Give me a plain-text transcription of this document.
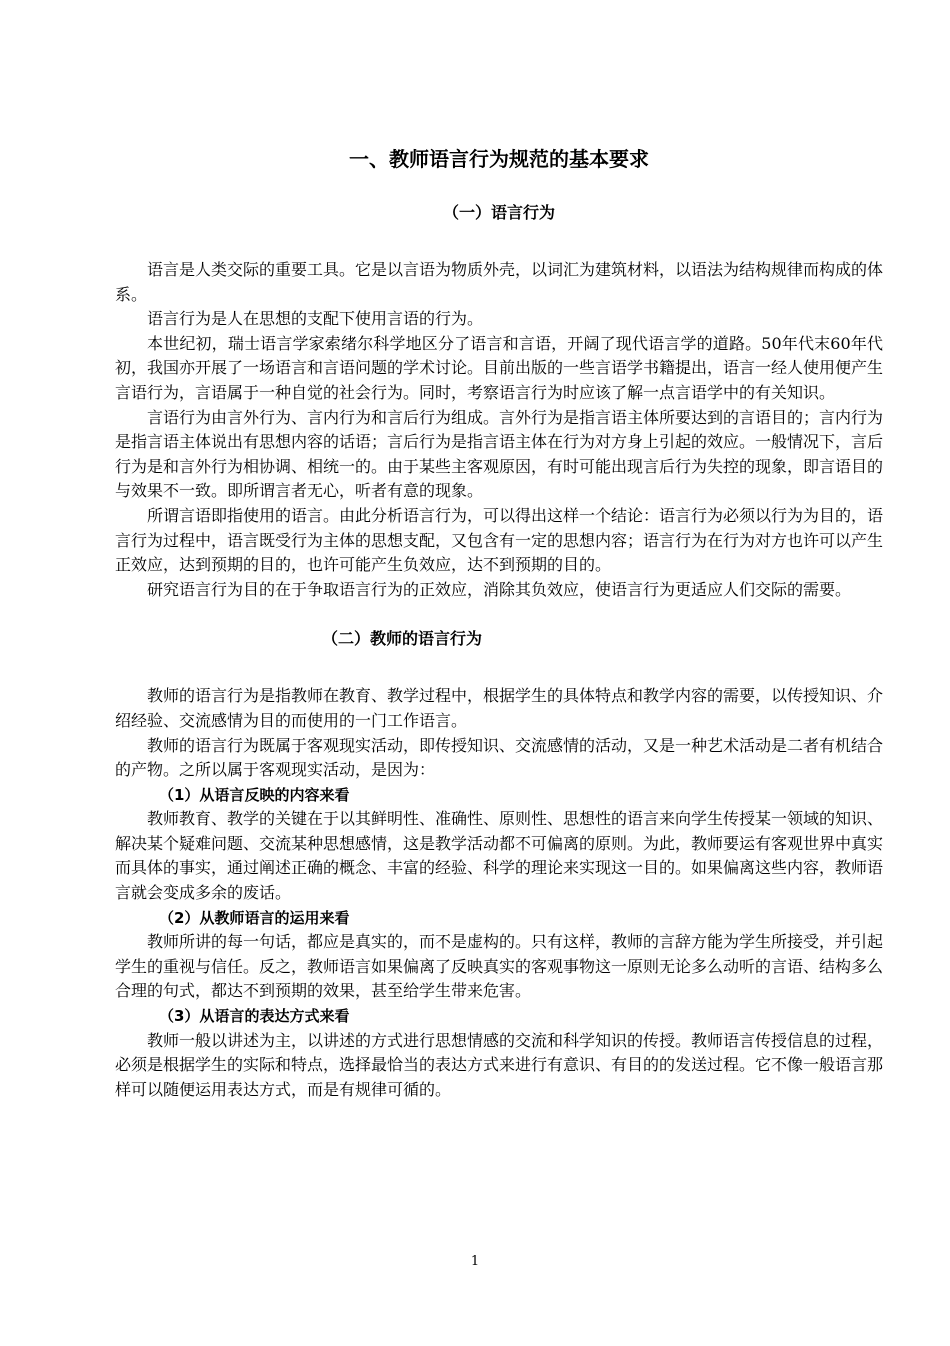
一、教师语言行为规范的基本要求
（一）语言行为

语言是人类交际的重要工具。它是以言语为物质外壳，以词汇为建筑材料，以语法为结构规律而构成的体系。

语言行为是人在思想的支配下使用言语的行为。

本世纪初，瑞士语言学家索绪尔科学地区分了语言和言语，开阔了现代语言学的道路。50年代末60年代初，我国亦开展了一场语言和言语问题的学术讨论。目前出版的一些言语学书籍提出，语言一经人使用便产生言语行为，言语属于一种自觉的社会行为。同时，考察语言行为时应该了解一点言语学中的有关知识。

言语行为由言外行为、言内行为和言后行为组成。言外行为是指言语主体所要达到的言语目的；言内行为是指言语主体说出有思想内容的话语；言后行为是指言语主体在行为对方身上引起的效应。一般情况下，言后行为是和言外行为相协调、相统一的。由于某些主客观原因，有时可能出现言后行为失控的现象，即言语目的与效果不一致。即所谓言者无心，听者有意的现象。

所谓言语即指使用的语言。由此分析语言行为，可以得出这样一个结论：语言行为必须以行为为目的，语言行为过程中，语言既受行为主体的思想支配，又包含有一定的思想内容；语言行为在行为对方也许可以产生正效应，达到预期的目的，也许可能产生负效应，达不到预期的目的。

研究语言行为目的在于争取语言行为的正效应，消除其负效应，使语言行为更适应人们交际的需要。

（二）教师的语言行为

教师的语言行为是指教师在教育、教学过程中，根据学生的具体特点和教学内容的需要，以传授知识、介绍经验、交流感情为目的而使用的一门工作语言。

教师的语言行为既属于客观现实活动，即传授知识、交流感情的活动，又是一种艺术活动是二者有机结合的产物。之所以属于客观现实活动，是因为：

（1）从语言反映的内容来看

教师教育、教学的关键在于以其鲜明性、准确性、原则性、思想性的语言来向学生传授某一领域的知识、解决某个疑难问题、交流某种思想感情，这是教学活动都不可偏离的原则。为此，教师要运有客观世界中真实而具体的事实，通过阐述正确的概念、丰富的经验、科学的理论来实现这一目的。如果偏离这些内容，教师语言就会变成多余的废话。

（2）从教师语言的运用来看

教师所讲的每一句话，都应是真实的，而不是虚构的。只有这样，教师的言辞方能为学生所接受，并引起学生的重视与信任。反之，教师语言如果偏离了反映真实的客观事物这一原则无论多么动听的言语、结构多么合理的句式，都达不到预期的效果，甚至给学生带来危害。

（3）从语言的表达方式来看

教师一般以讲述为主，以讲述的方式进行思想情感的交流和科学知识的传授。教师语言传授信息的过程，必须是根据学生的实际和特点，选择最恰当的表达方式来进行有意识、有目的的发送过程。它不像一般语言那样可以随便运用表达方式，而是有规律可循的。

1
